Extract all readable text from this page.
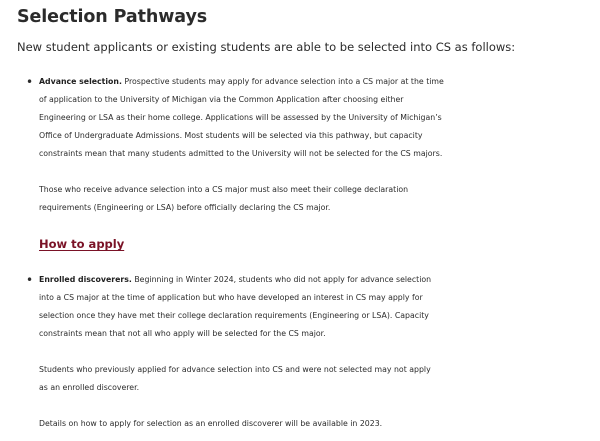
Selection Pathways

New student applicants or existing students are able to be selected into CS as follows:

• Advance selection. Prospective students may apply for advance selection into a CS major at the time
of application to the University of Michigan via the Common Application after choosing either
Engineering or LSA as their home college. Applications will be assessed by the University of Michigan’s
Office of Undergraduate Admissions. Most students will be selected via this pathway, but capacity
constraints mean that many students admitted to the University will not be selected for the CS majors.
Those who receive advance selection into a CS major must also meet their college declaration
requirements (Engineering or LSA) before officially declaring the CS major.
How to apply
• Enrolled discoverers. Beginning in Winter 2024, students who did not apply for advance selection
into a CS major at the time of application but who have developed an interest in CS may apply for
selection once they have met their college declaration requirements (Engineering or LSA). Capacity
constraints mean that not all who apply will be selected for the CS major.
Students who previously applied for advance selection into CS and were not selected may not apply
as an enrolled discoverer.
Details on how to apply for selection as an enrolled discoverer will be available in 2023.
